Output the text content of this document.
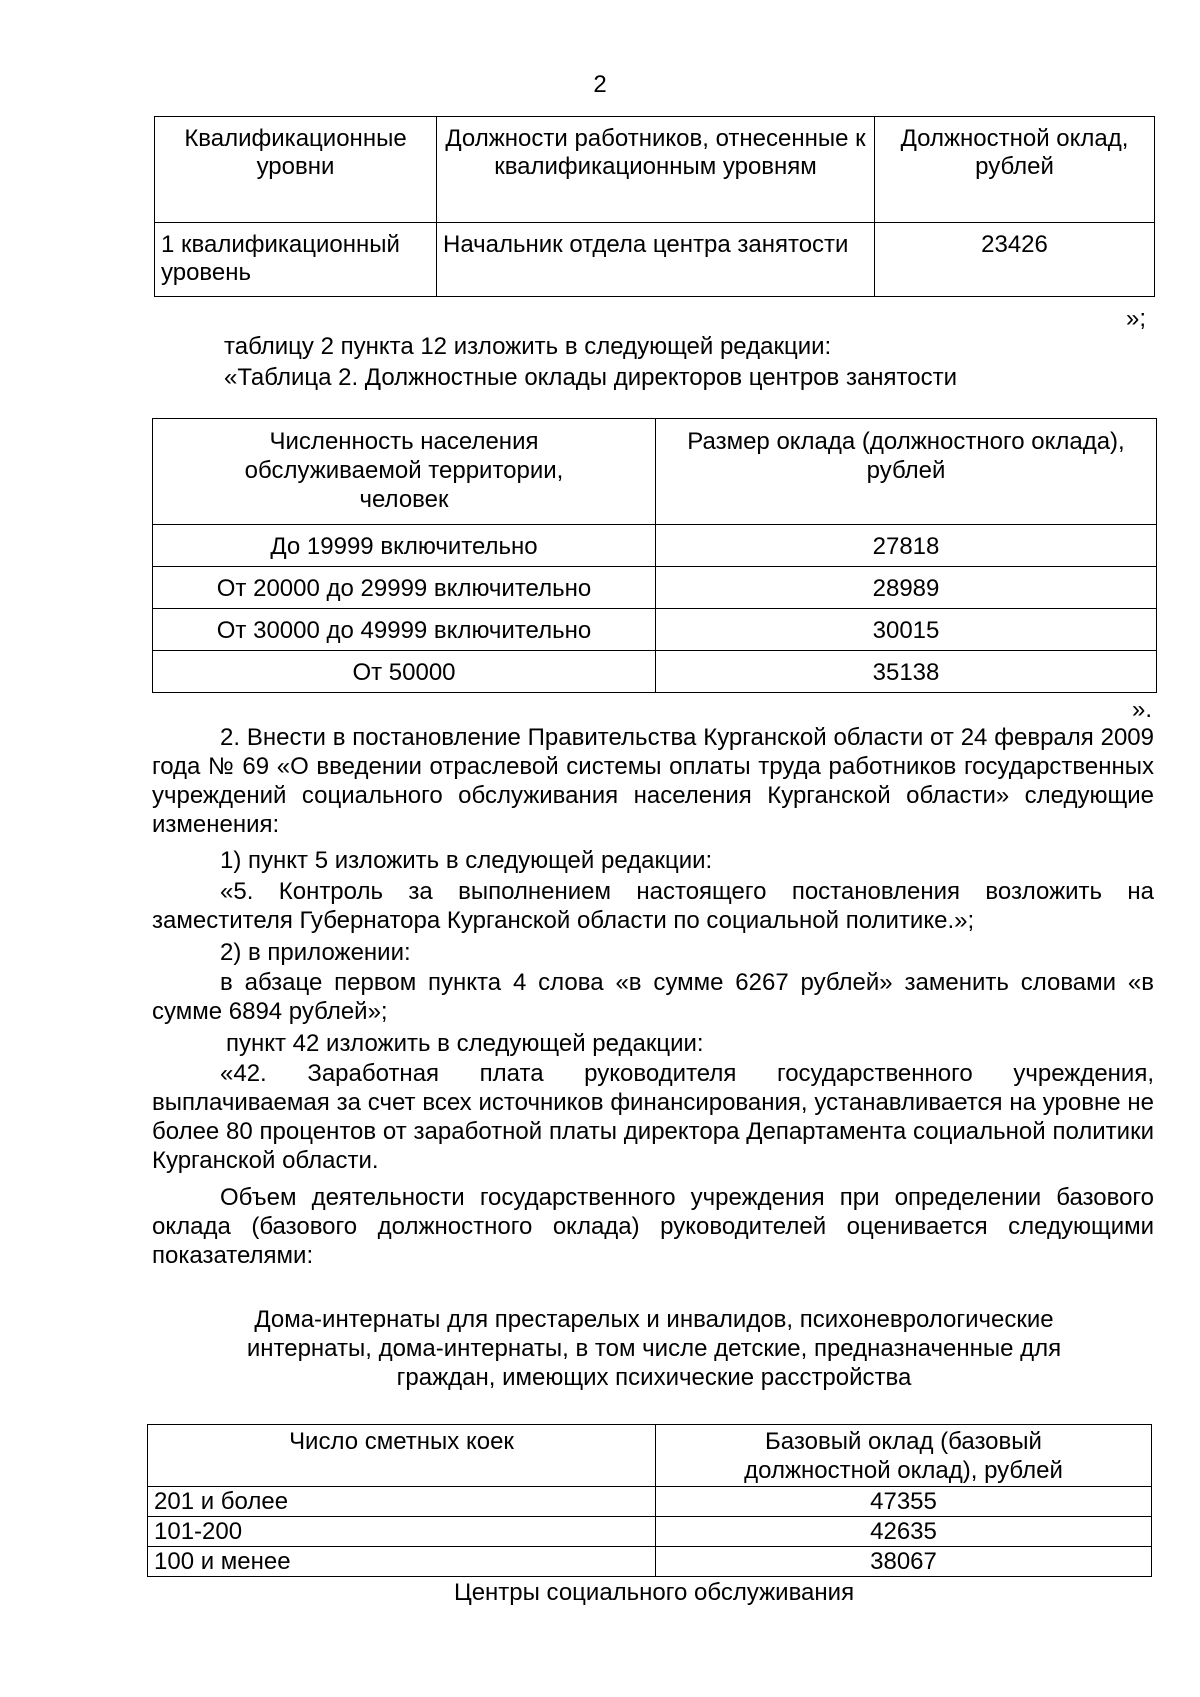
2
Квалификационные уровни	Должности работников, отнесенные к квалификационным уровням	Должностной оклад, рублей
1 квалификационный уровень	Начальник отдела центра занятости	23426
»;
таблицу 2 пункта 12 изложить в следующей редакции:
«Таблица 2. Должностные оклады директоров центров занятости
Численность населения обслуживаемой территории, человек	Размер оклада (должностного оклада), рублей
До 19999 включительно	27818
От 20000 до 29999 включительно	28989
От 30000 до 49999 включительно	30015
От 50000	35138
».
2. Внести в постановление Правительства Курганской области от 24 февраля 2009 года № 69 «О введении отраслевой системы оплаты труда работников государственных учреждений социального обслуживания населения Курганской области» следующие изменения:
1) пункт 5 изложить в следующей редакции:
«5. Контроль за выполнением настоящего постановления возложить на заместителя Губернатора Курганской области по социальной политике.»;
2) в приложении:
в абзаце первом пункта 4 слова «в сумме 6267 рублей» заменить словами «в сумме 6894 рублей»;
пункт 42 изложить в следующей редакции:
«42. Заработная плата руководителя государственного учреждения, выплачиваемая за счет всех источников финансирования, устанавливается на уровне не более 80 процентов от заработной платы директора Департамента социальной политики Курганской области.
Объем деятельности государственного учреждения при определении базового оклада (базового должностного оклада) руководителей оценивается следующими показателями:
Дома-интернаты для престарелых и инвалидов, психоневрологические
интернаты, дома-интернаты, в том числе детские, предназначенные для
граждан, имеющих психические расстройства
Число сметных коек	Базовый оклад (базовый должностной оклад), рублей
201 и более	47355
101-200	42635
100 и менее	38067
Центры социального обслуживания
